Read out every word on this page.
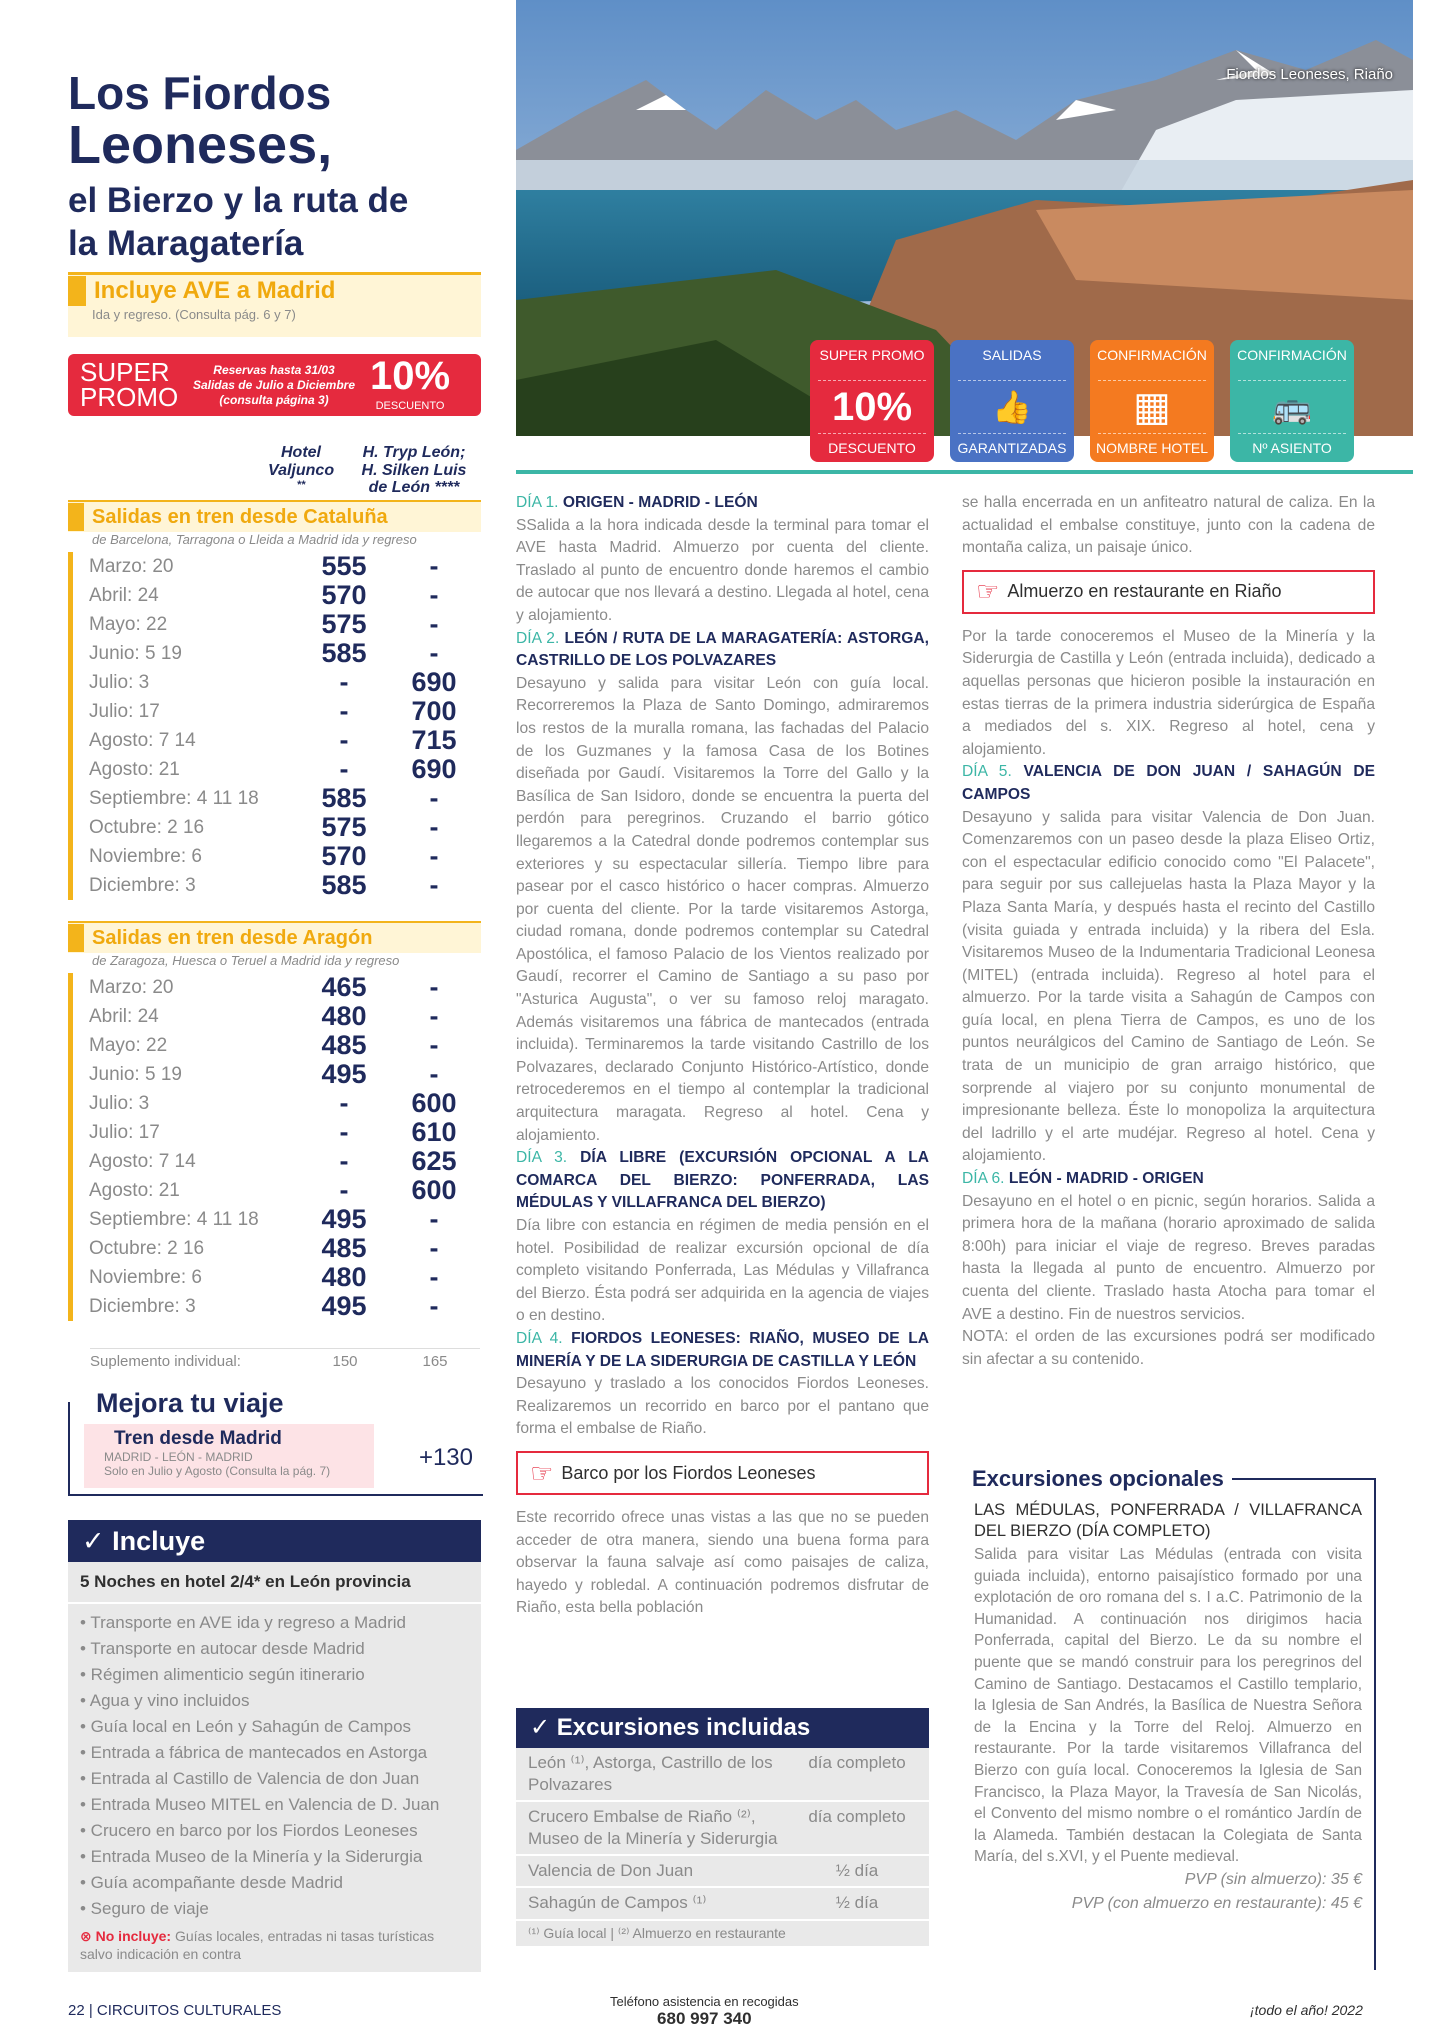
Los Fiordos
Leoneses,
el Bierzo y la ruta de
la Maragatería
Incluye AVE a Madrid
Ida y regreso. (Consulta pág. 6 y 7)
SUPER
PROMO
Reservas hasta 31/03
Salidas de Julio a Diciembre
(consulta página 3)
10%
DESCUENTO
Hotel
Valjunco
**
H. Tryp León;
H. Silken Luis
de León ****
Salidas en tren desde Cataluña
de Barcelona, Tarragona o Lleida a Madrid ida y regreso
Marzo: 20	555	-
Abril: 24	570	-
Mayo: 22	575	-
Junio: 5 19	585	-
Julio: 3	-	690
Julio: 17	-	700
Agosto: 7 14	-	715
Agosto: 21	-	690
Septiembre: 4 11 18	585	-
Octubre: 2 16	575	-
Noviembre: 6	570	-
Diciembre: 3	585	-
Salidas en tren desde Aragón
de Zaragoza, Huesca o Teruel a Madrid ida y regreso
Marzo: 20	465	-
Abril: 24	480	-
Mayo: 22	485	-
Junio: 5 19	495	-
Julio: 3	-	600
Julio: 17	-	610
Agosto: 7 14	-	625
Agosto: 21	-	600
Septiembre: 4 11 18	495	-
Octubre: 2 16	485	-
Noviembre: 6	480	-
Diciembre: 3	495	-
Suplemento individual:	150	165
Mejora tu viaje
Tren desde Madrid
MADRID - LEÓN - MADRID
Solo en Julio y Agosto (Consulta la pág. 7)	+130
✓ Incluye
5 Noches en hotel 2/4* en León provincia
• Transporte en AVE ida y regreso a Madrid
• Transporte en autocar desde Madrid
• Régimen alimenticio según itinerario
• Agua y vino incluidos
• Guía local en León y Sahagún de Campos
• Entrada a fábrica de mantecados en Astorga
• Entrada al Castillo de Valencia de don Juan
• Entrada Museo MITEL en Valencia de D. Juan
• Crucero en barco por los Fiordos Leoneses
• Entrada Museo de la Minería y la Siderurgia
• Guía acompañante desde Madrid
• Seguro de viaje
⊗ No incluye: Guías locales, entradas ni tasas turísticas salvo indicación en contra
Fiordos Leoneses, Riaño
SUPER PROMO
10%
DESCUENTO
SALIDAS
👍
GARANTIZADAS
CONFIRMACIÓN
▦
NOMBRE HOTEL
CONFIRMACIÓN
🚌
Nº ASIENTO
DÍA 1. ORIGEN - MADRID - LEÓN
SSalida a la hora indicada desde la terminal para tomar el AVE hasta Madrid. Almuerzo por cuenta del cliente. Traslado al punto de encuentro donde haremos el cambio de autocar que nos llevará a destino. Llegada al hotel, cena y alojamiento.
DÍA 2. LEÓN / RUTA DE LA MARAGATERÍA: ASTORGA, CASTRILLO DE LOS POLVAZARES
Desayuno y salida para visitar León con guía local. Recorreremos la Plaza de Santo Domingo, admiraremos los restos de la muralla romana, las fachadas del Palacio de los Guzmanes y la famosa Casa de los Botines diseñada por Gaudí. Visitaremos la Torre del Gallo y la Basílica de San Isidoro, donde se encuentra la puerta del perdón para peregrinos. Cruzando el barrio gótico llegaremos a la Catedral donde podremos contemplar sus exteriores y su espectacular sillería. Tiempo libre para pasear por el casco histórico o hacer compras. Almuerzo por cuenta del cliente. Por la tarde visitaremos Astorga, ciudad romana, donde podremos contemplar su Catedral Apostólica, el famoso Palacio de los Vientos realizado por Gaudí, recorrer el Camino de Santiago a su paso por "Asturica Augusta", o ver su famoso reloj maragato. Además visitaremos una fábrica de mantecados (entrada incluida). Terminaremos la tarde visitando Castrillo de los Polvazares, declarado Conjunto Histórico-Artístico, donde retrocederemos en el tiempo al contemplar la tradicional arquitectura maragata. Regreso al hotel. Cena y alojamiento.
DÍA 3. DÍA LIBRE (EXCURSIÓN OPCIONAL A LA COMARCA DEL BIERZO: PONFERRADA, LAS MÉDULAS Y VILLAFRANCA DEL BIERZO)
Día libre con estancia en régimen de media pensión en el hotel. Posibilidad de realizar excursión opcional de día completo visitando Ponferrada, Las Médulas y Villafranca del Bierzo. Ésta podrá ser adquirida en la agencia de viajes o en destino.
DÍA 4. FIORDOS LEONESES: RIAÑO, MUSEO DE LA MINERÍA Y DE LA SIDERURGIA DE CASTILLA Y LEÓN
Desayuno y traslado a los conocidos Fiordos Leoneses. Realizaremos un recorrido en barco por el pantano que forma el embalse de Riaño.
☞ Barco por los Fiordos Leoneses
Este recorrido ofrece unas vistas a las que no se pueden acceder de otra manera, siendo una buena forma para observar la fauna salvaje así como paisajes de caliza, hayedo y robledal. A continuación podremos disfrutar de Riaño, esta bella población
se halla encerrada en un anfiteatro natural de caliza. En la actualidad el embalse constituye, junto con la cadena de montaña caliza, un paisaje único.
☞ Almuerzo en restaurante en Riaño
Por la tarde conoceremos el Museo de la Minería y la Siderurgia de Castilla y León (entrada incluida), dedicado a aquellas personas que hicieron posible la instauración en estas tierras de la primera industria siderúrgica de España a mediados del s. XIX. Regreso al hotel, cena y alojamiento.
DÍA 5. VALENCIA DE DON JUAN / SAHAGÚN DE CAMPOS
Desayuno y salida para visitar Valencia de Don Juan. Comenzaremos con un paseo desde la plaza Eliseo Ortiz, con el espectacular edificio conocido como "El Palacete", para seguir por sus callejuelas hasta la Plaza Mayor y la Plaza Santa María, y después hasta el recinto del Castillo (visita guiada y entrada incluida) y la ribera del Esla. Visitaremos Museo de la Indumentaria Tradicional Leonesa (MITEL) (entrada incluida). Regreso al hotel para el almuerzo. Por la tarde visita a Sahagún de Campos con guía local, en plena Tierra de Campos, es uno de los puntos neurálgicos del Camino de Santiago de León. Se trata de un municipio de gran arraigo histórico, que sorprende al viajero por su conjunto monumental de impresionante belleza. Éste lo monopoliza la arquitectura del ladrillo y el arte mudéjar. Regreso al hotel. Cena y alojamiento.
DÍA 6. LEÓN - MADRID - ORIGEN
Desayuno en el hotel o en picnic, según horarios. Salida a primera hora de la mañana (horario aproximado de salida 8:00h) para iniciar el viaje de regreso. Breves paradas hasta la llegada al punto de encuentro. Almuerzo por cuenta del cliente. Traslado hasta Atocha para tomar el AVE a destino. Fin de nuestros servicios.
NOTA: el orden de las excursiones podrá ser modificado sin afectar a su contenido.
✓ Excursiones incluidas
León ⁽¹⁾, Astorga, Castrillo de los Polvazares
día completo
Crucero Embalse de Riaño ⁽²⁾, Museo de la Minería y Siderurgia
día completo
Valencia de Don Juan	½ día
Sahagún de Campos ⁽¹⁾	½ día
⁽¹⁾ Guía local | ⁽²⁾ Almuerzo en restaurante
Excursiones opcionales
LAS MÉDULAS, PONFERRADA / VILLAFRANCA DEL BIERZO (DÍA COMPLETO)
Salida para visitar Las Médulas (entrada con visita guiada incluida), entorno paisajístico formado por una explotación de oro romana del s. I a.C. Patrimonio de la Humanidad. A continuación nos dirigimos hacia Ponferrada, capital del Bierzo. Le da su nombre el puente que se mandó construir para los peregrinos del Camino de Santiago. Destacamos el Castillo templario, la Iglesia de San Andrés, la Basílica de Nuestra Señora de la Encina y la Torre del Reloj. Almuerzo en restaurante. Por la tarde visitaremos Villafranca del Bierzo con guía local. Conoceremos la Iglesia de San Francisco, la Plaza Mayor, la Travesía de San Nicolás, el Convento del mismo nombre o el romántico Jardín de la Alameda. También destacan la Colegiata de Santa María, del s.XVI, y el Puente medieval.
PVP (sin almuerzo): 35 €
PVP (con almuerzo en restaurante): 45 €
22 | CIRCUITOS CULTURALES
Teléfono asistencia en recogidas
680 997 340	¡todo el año! 2022
